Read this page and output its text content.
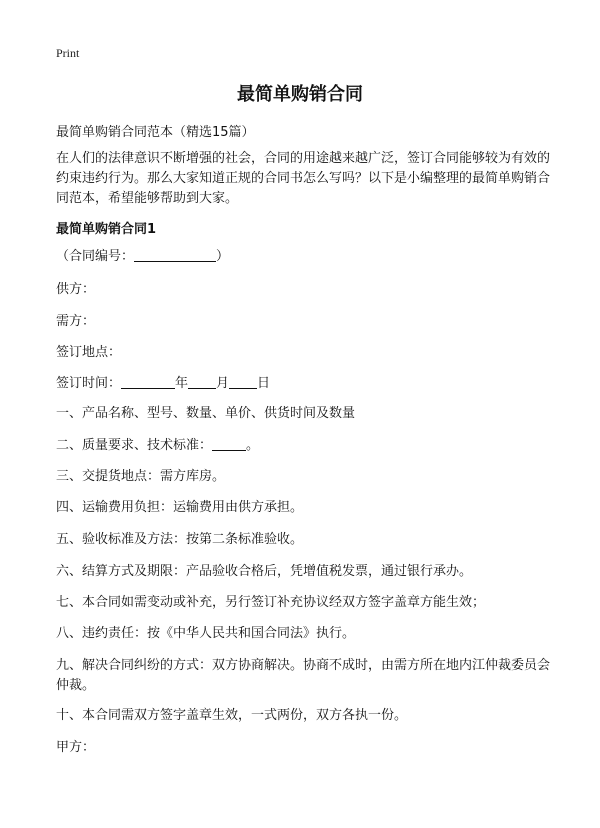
Print
最简单购销合同
最简单购销合同范本（精选15篇）

在人们的法律意识不断增强的社会，合同的用途越来越广泛，签订合同能够较为有效的约束违约行为。那么大家知道正规的合同书怎么写吗？以下是小编整理的最简单购销合同范本，希望能够帮助到大家。

最简单购销合同1
（合同编号：	）
供方：
需方：
签订地点：
签订时间：	年 月 日
一、产品名称、型号、数量、单价、供货时间及数量
二、质量要求、技术标准：	。
三、交提货地点：需方库房。
四、运输费用负担：运输费用由供方承担。
五、验收标准及方法：按第二条标准验收。
六、结算方式及期限：产品验收合格后，凭增值税发票，通过银行承办。
七、本合同如需变动或补充，另行签订补充协议经双方签字盖章方能生效；
八、违约责任：按《中华人民共和国合同法》执行。
九、解决合同纠纷的方式：双方协商解决。协商不成时，由需方所在地内江仲裁委员会仲裁。
十、本合同需双方签字盖章生效，一式两份，双方各执一份。
甲方：
